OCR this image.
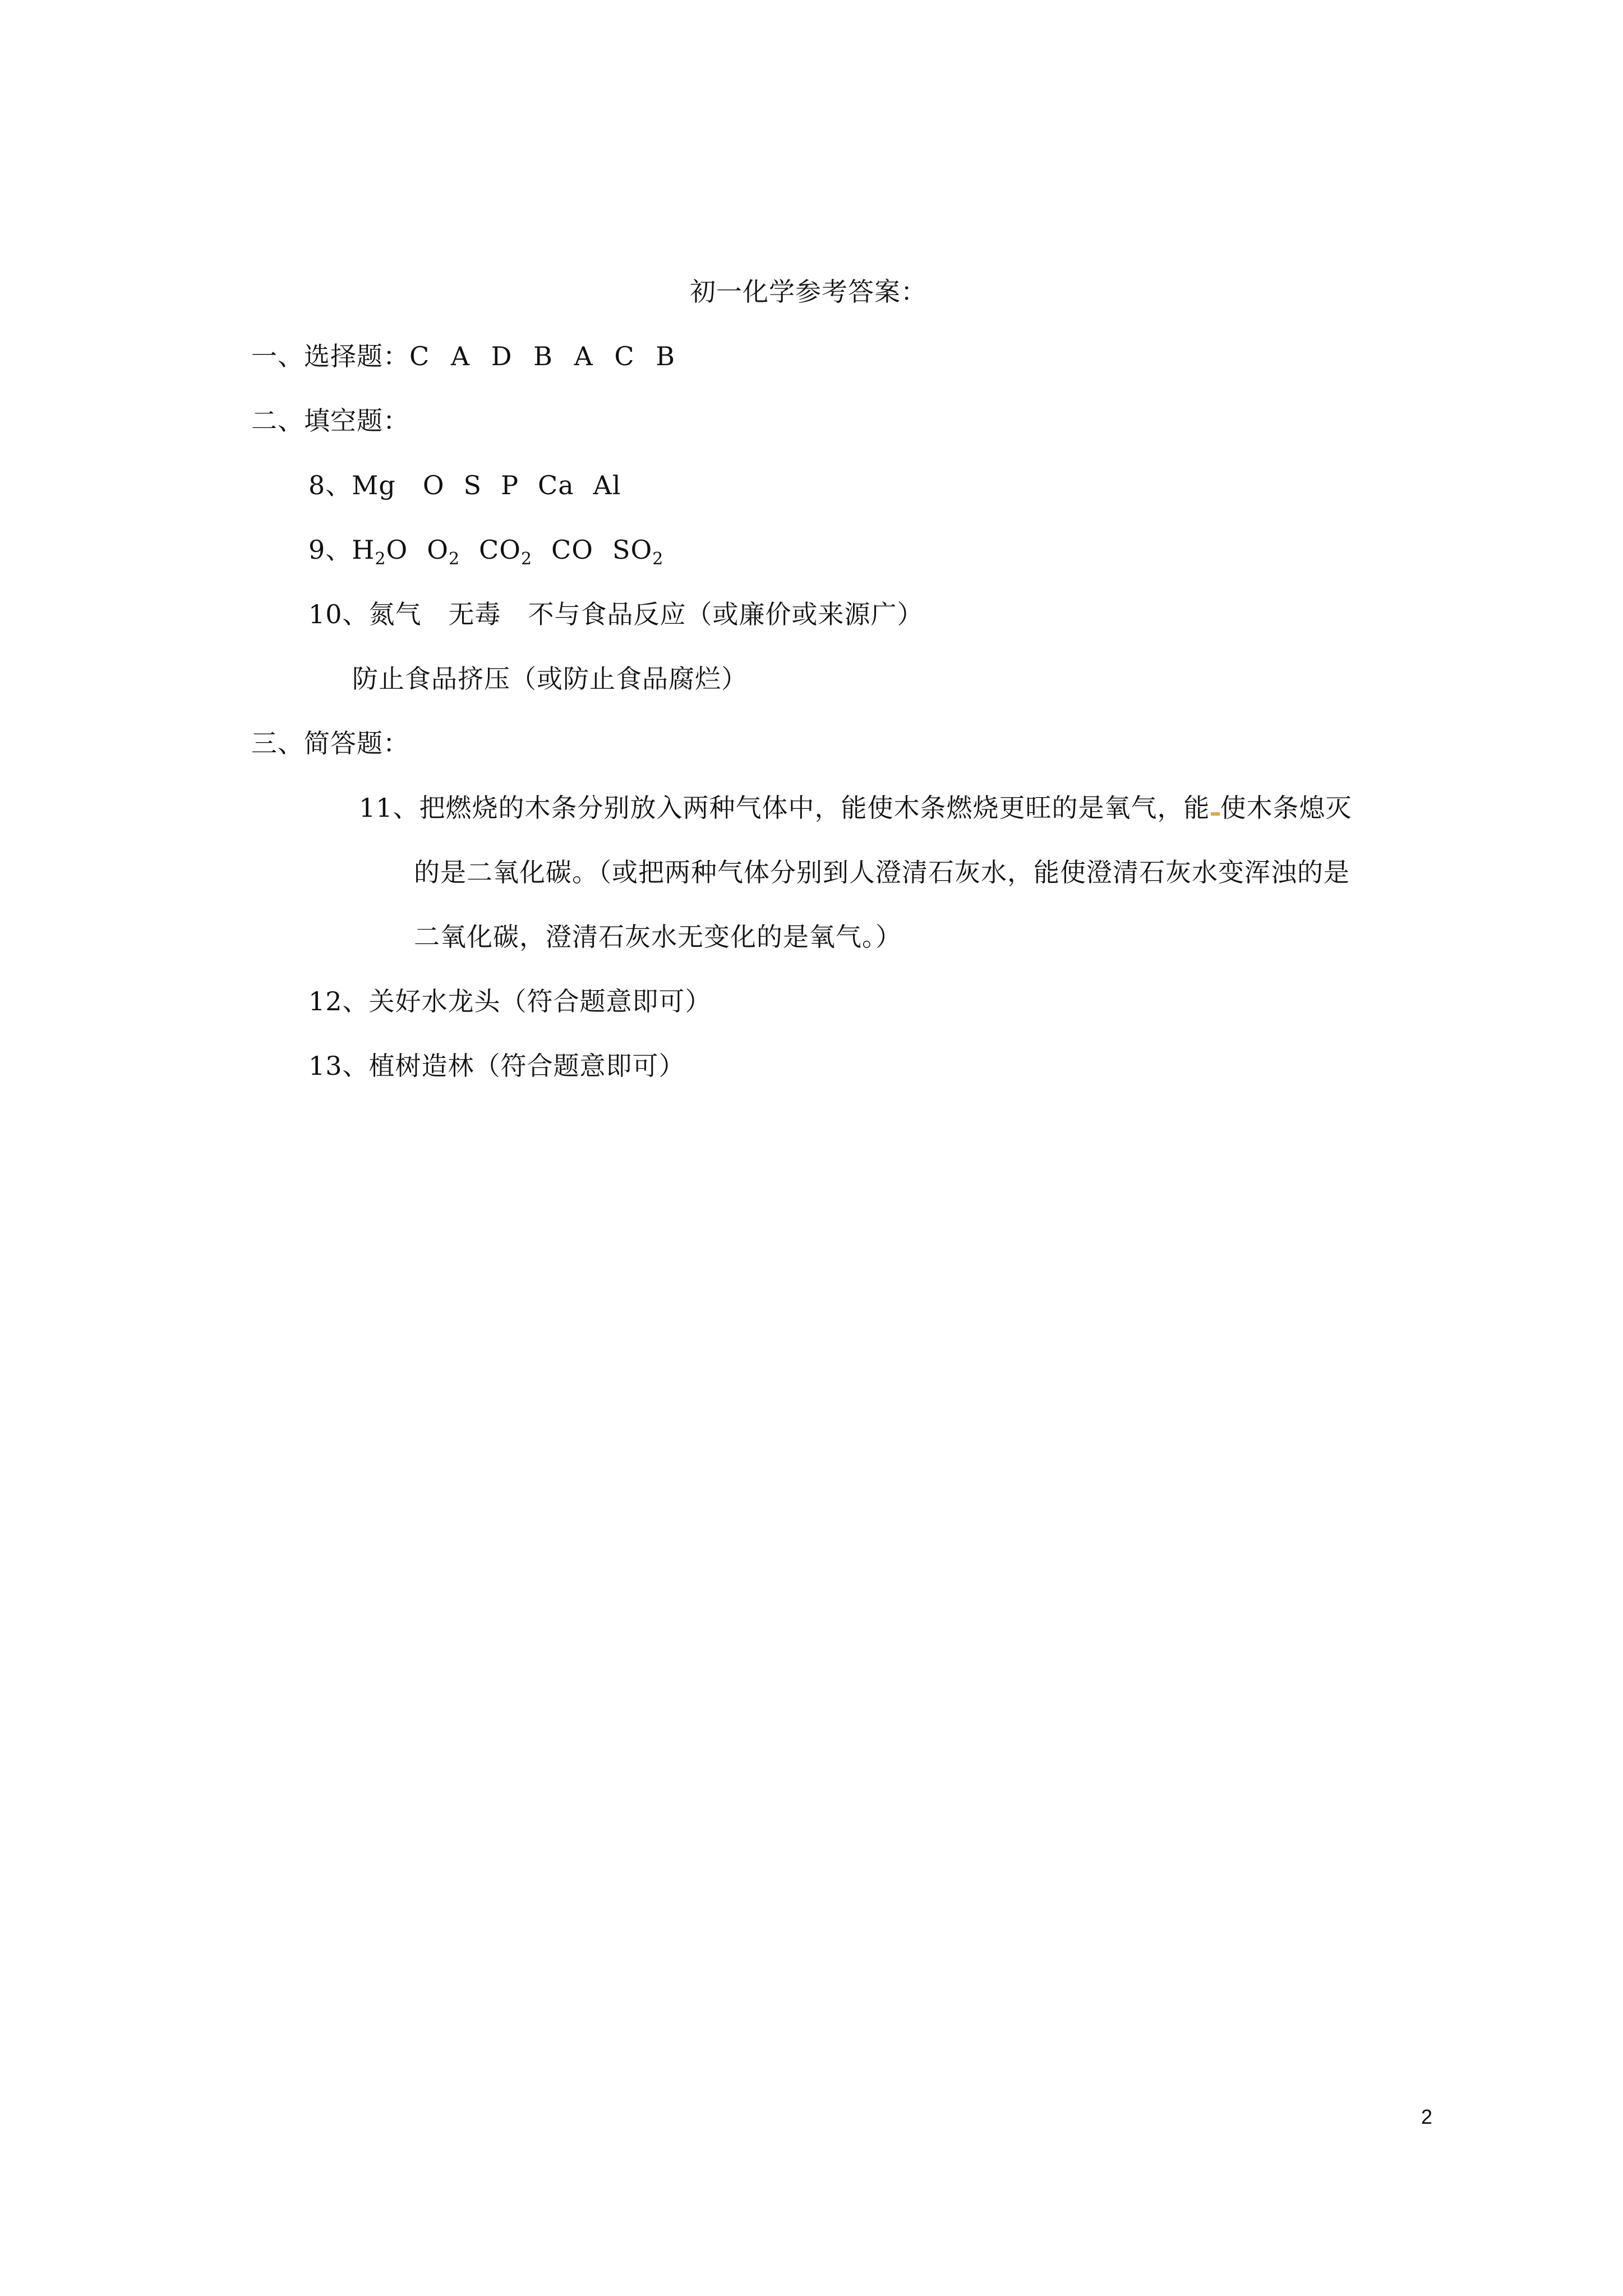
初一化学参考答案：
一、选择题：C A D B A C B
二、填空题：
8、Mg O S P Ca Al
9、$H_2O$ $O_2$ $CO_2$ CO $SO_2$
10、氮气 无毒 不与食品反应（或廉价或来源广）
防止食品挤压（或防止食品腐烂）
三、简答题：
11、把燃烧的木条分别放入两种气体中，能使木条燃烧更旺的是氧气，能 使木条熄灭
的是二氧化碳。（或把两种气体分别到人澄清石灰水，能使澄清石灰水变浑浊的是
二氧化碳，澄清石灰水无变化的是氧气。）
12、关好水龙头（符合题意即可）
13、植树造林（符合题意即可）
2
